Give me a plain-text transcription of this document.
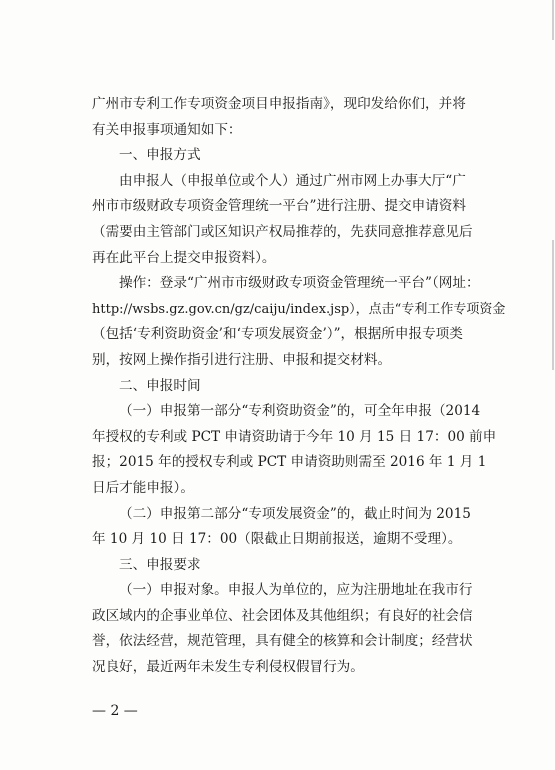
广州市专利工作专项资金项目申报指南》，现印发给你们，并将
有关申报事项通知如下：
一、申报方式
由申报人（申报单位或个人）通过广州市网上办事大厅“广
州市市级财政专项资金管理统一平台”进行注册、提交申请资料
（需要由主管部门或区知识产权局推荐的，先获同意推荐意见后
再在此平台上提交申报资料）。
操作：登录“广州市市级财政专项资金管理统一平台”（网址：
http://wsbs.gz.gov.cn/gz/caiju/index.jsp），点击“专利工作专项资金
（包括‘专利资助资金’和‘专项发展资金’）”，根据所申报专项类
别，按网上操作指引进行注册、申报和提交材料。
二、申报时间
（一）申报第一部分“专利资助资金”的，可全年申报（2014
年授权的专利或 PCT 申请资助请于今年 10 月 15 日 17：00 前申
报；2015 年的授权专利或 PCT 申请资助则需至 2016 年 1 月 1
日后才能申报）。
（二）申报第二部分“专项发展资金”的，截止时间为 2015
年 10 月 10 日 17：00（限截止日期前报送，逾期不受理）。
三、申报要求
（一）申报对象。申报人为单位的，应为注册地址在我市行
政区域内的企事业单位、社会团体及其他组织；有良好的社会信
誉，依法经营，规范管理，具有健全的核算和会计制度；经营状
况良好，最近两年未发生专利侵权假冒行为。
— 2 —
